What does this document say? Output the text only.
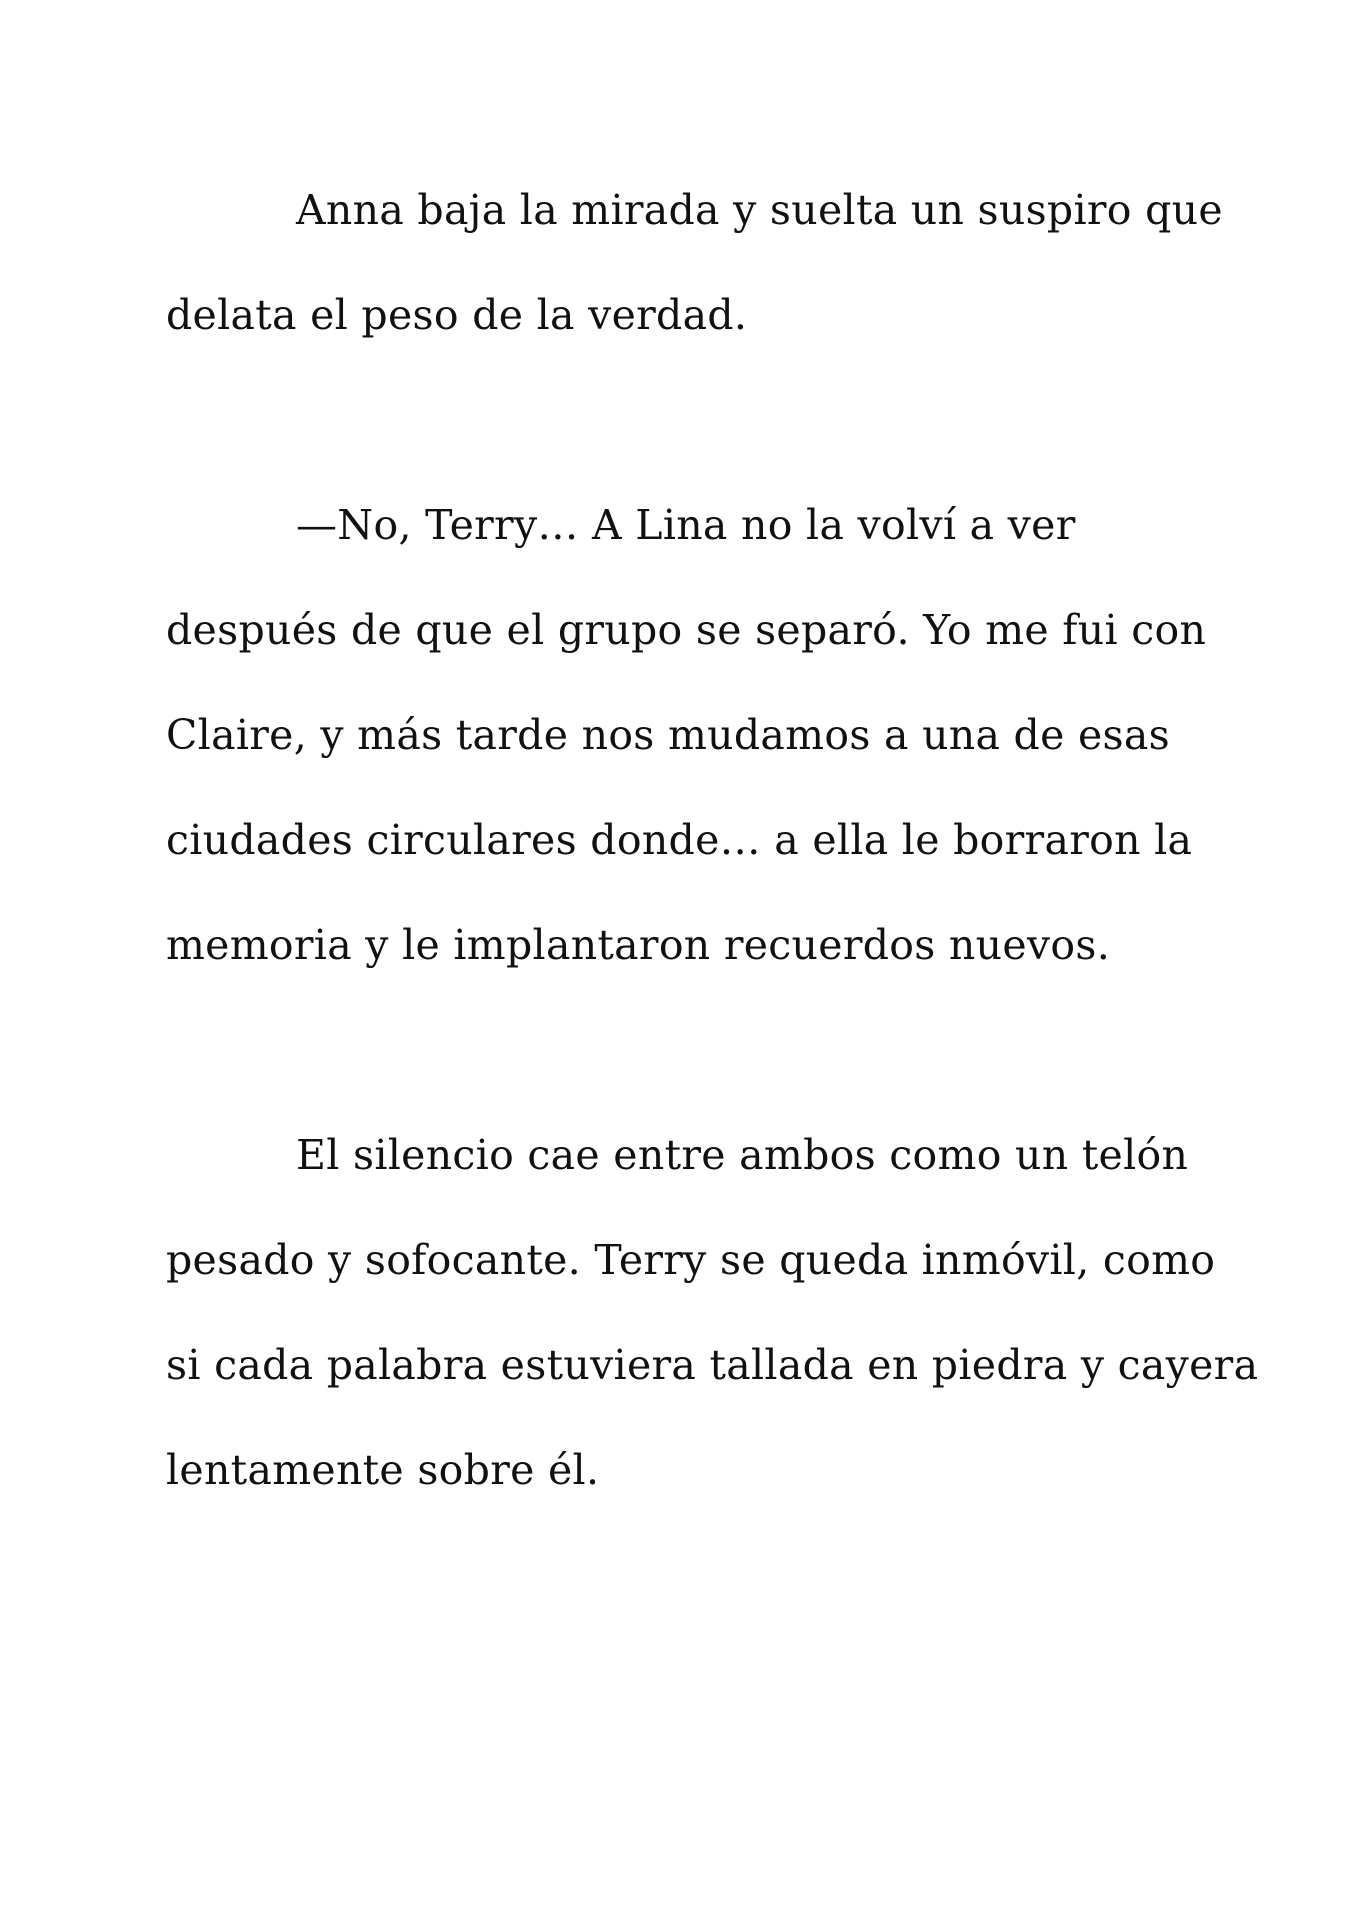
Anna baja la mirada y suelta un suspiro que
delata el peso de la verdad.

—No, Terry… A Lina no la volví a ver
después de que el grupo se separó. Yo me fui con
Claire, y más tarde nos mudamos a una de esas
ciudades circulares donde… a ella le borraron la
memoria y le implantaron recuerdos nuevos.

El silencio cae entre ambos como un telón
pesado y sofocante. Terry se queda inmóvil, como
si cada palabra estuviera tallada en piedra y cayera
lentamente sobre él.
